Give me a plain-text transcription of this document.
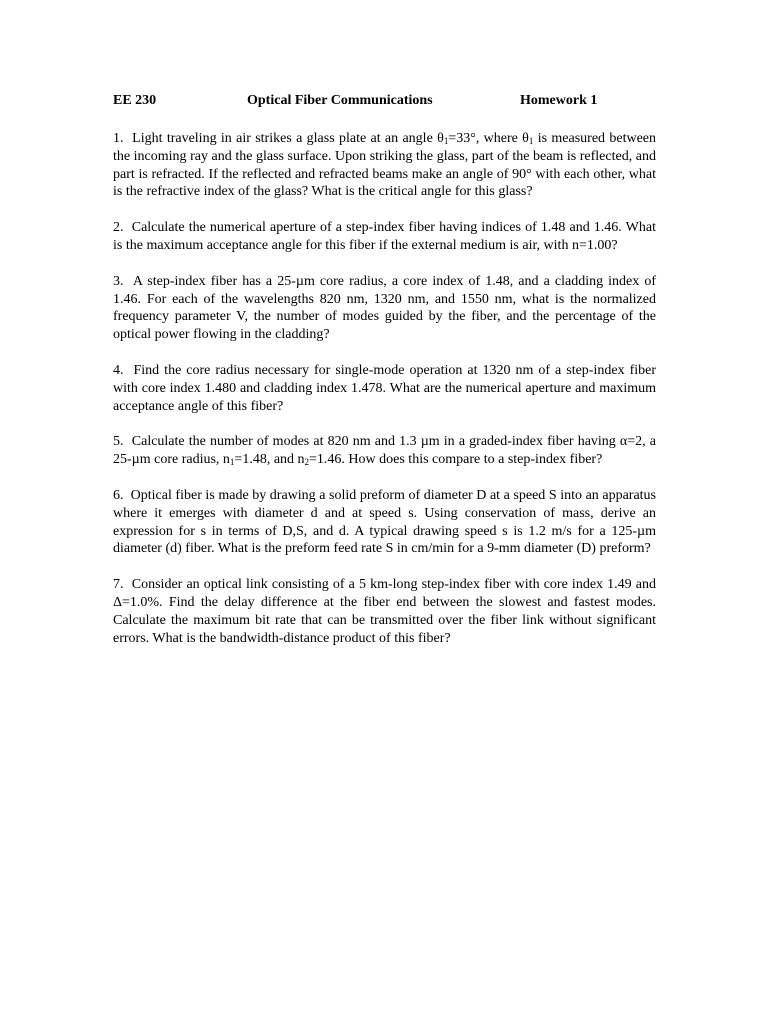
EE 230	Optical Fiber Communications	Homework 1

1. Light traveling in air strikes a glass plate at an angle $\theta_1=33^\circ$, where $\theta_1$ is measured between the incoming ray and the glass surface. Upon striking the glass, part of the beam is reflected, and part is refracted. If the reflected and refracted beams make an angle of 90° with each other, what is the refractive index of the glass? What is the critical angle for this glass?

2. Calculate the numerical aperture of a step-index fiber having indices of 1.48 and 1.46. What is the maximum acceptance angle for this fiber if the external medium is air, with n=1.00?

3. A step-index fiber has a 25-µm core radius, a core index of 1.48, and a cladding index of 1.46. For each of the wavelengths 820 nm, 1320 nm, and 1550 nm, what is the normalized frequency parameter V, the number of modes guided by the fiber, and the percentage of the optical power flowing in the cladding?

4. Find the core radius necessary for single-mode operation at 1320 nm of a step-index fiber with core index 1.480 and cladding index 1.478. What are the numerical aperture and maximum acceptance angle of this fiber?

5. Calculate the number of modes at 820 nm and 1.3 µm in a graded-index fiber having α=2, a 25-µm core radius, $n_1=1.48$, and $n_2=1.46$. How does this compare to a step-index fiber?

6. Optical fiber is made by drawing a solid preform of diameter D at a speed S into an apparatus where it emerges with diameter d and at speed s. Using conservation of mass, derive an expression for s in terms of D,S, and d. A typical drawing speed s is 1.2 m/s for a 125-µm diameter (d) fiber. What is the preform feed rate S in cm/min for a 9-mm diameter (D) preform?

7. Consider an optical link consisting of a 5 km-long step-index fiber with core index 1.49 and Δ=1.0%. Find the delay difference at the fiber end between the slowest and fastest modes. Calculate the maximum bit rate that can be transmitted over the fiber link without significant errors. What is the bandwidth-distance product of this fiber?
